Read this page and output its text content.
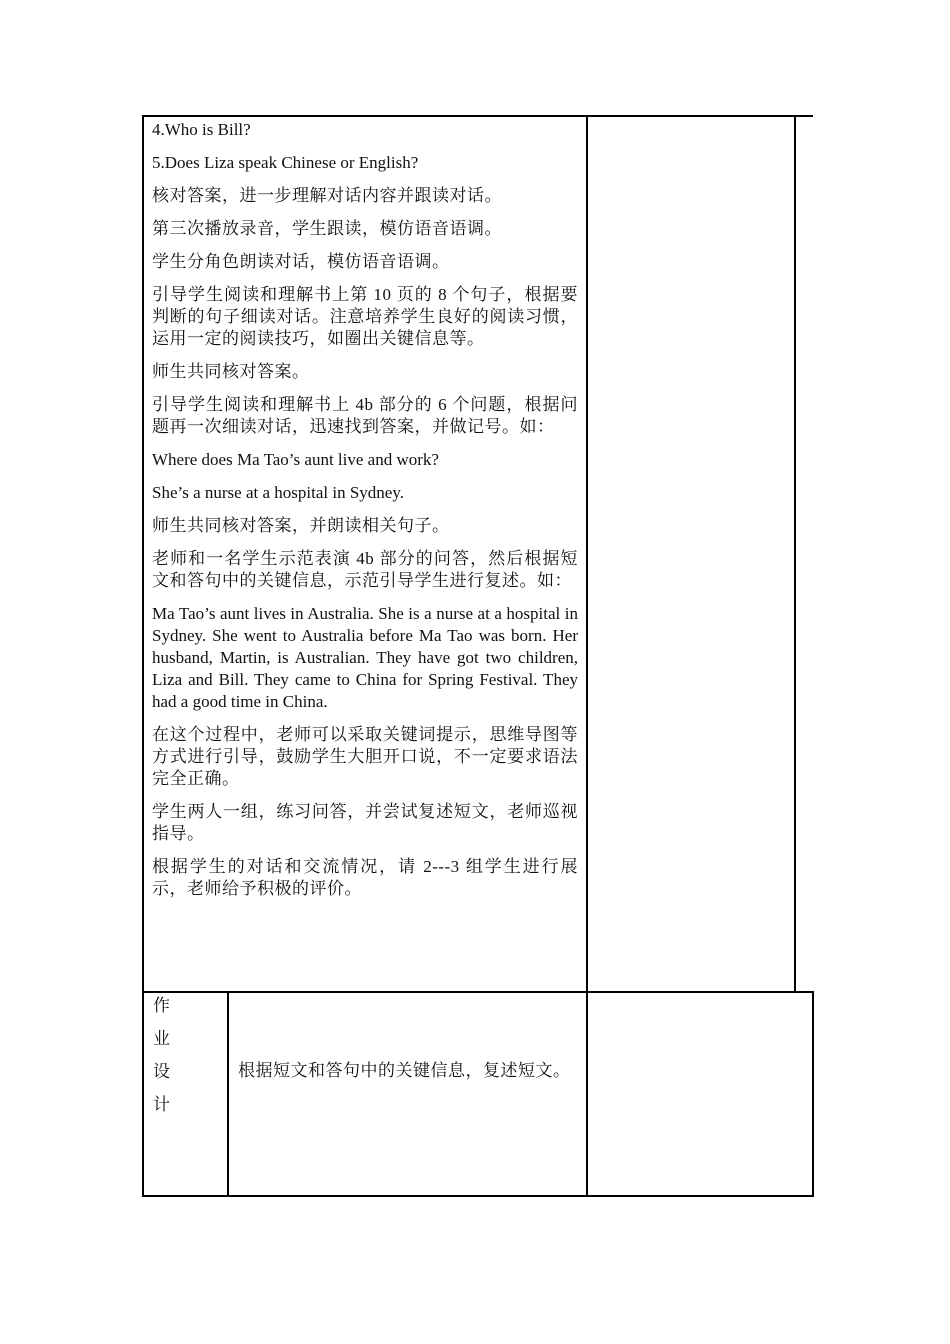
4.Who is Bill?

5.Does Liza speak Chinese or English?

核对答案，进一步理解对话内容并跟读对话。

第三次播放录音，学生跟读，模仿语音语调。

学生分角色朗读对话，模仿语音语调。

引导学生阅读和理解书上第 10 页的 8 个句子，根据要判断的句子细读对话。注意培养学生良好的阅读习惯，运用一定的阅读技巧，如圈出关键信息等。

师生共同核对答案。

引导学生阅读和理解书上 4b 部分的 6 个问题，根据问题再一次细读对话，迅速找到答案，并做记号。如：

Where does Ma Tao’s aunt live and work?

She’s a nurse at a hospital in Sydney.

师生共同核对答案，并朗读相关句子。

老师和一名学生示范表演 4b 部分的问答，然后根据短文和答句中的关键信息，示范引导学生进行复述。如：

Ma Tao’s aunt lives in Australia. She is a nurse at a hospital in Sydney. She went to Australia before Ma Tao was born. Her husband, Martin, is Australian. They have got two children, Liza and Bill. They came to China for Spring Festival. They had a good time in China.

在这个过程中，老师可以采取关键词提示，思维导图等方式进行引导，鼓励学生大胆开口说，不一定要求语法完全正确。

学生两人一组，练习问答，并尝试复述短文，老师巡视指导。

根据学生的对话和交流情况，请 2---3 组学生进行展示，老师给予积极的评价。

作
业
设
计

根据短文和答句中的关键信息，复述短文。
